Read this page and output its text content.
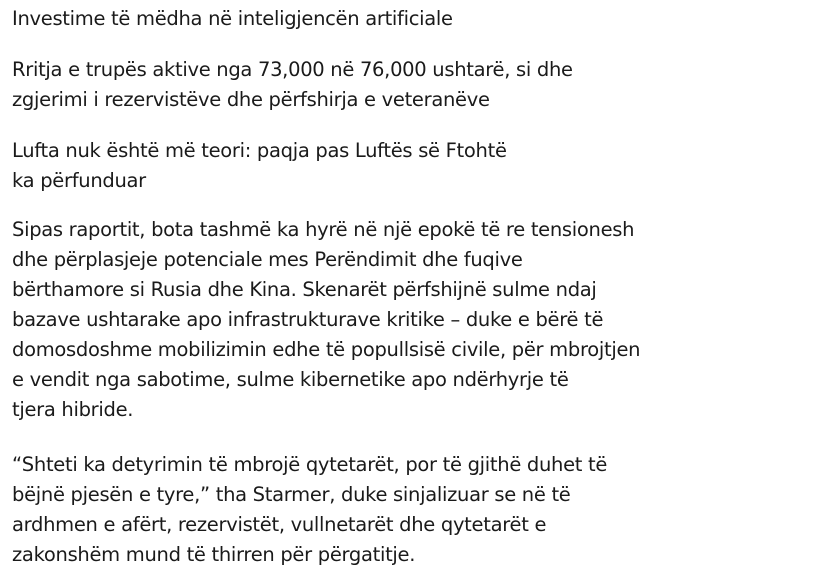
Investime të mëdha në inteligjencën artificiale

Rritja e trupës aktive nga 73,000 në 76,000 ushtarë, si dhe
zgjerimi i rezervistëve dhe përfshirja e veteranëve

Lufta nuk është më teori: paqja pas Luftës së Ftohtë
ka përfunduar

Sipas raportit, bota tashmë ka hyrë në një epokë të re tensionesh
dhe përplasjeje potenciale mes Perëndimit dhe fuqive
bërthamore si Rusia dhe Kina. Skenarët përfshijnë sulme ndaj
bazave ushtarake apo infrastrukturave kritike – duke e bërë të
domosdoshme mobilizimin edhe të popullsisë civile, për mbrojtjen
e vendit nga sabotime, sulme kibernetike apo ndërhyrje të
tjera hibride.

“Shteti ka detyrimin të mbrojë qytetarët, por të gjithë duhet të
bëjnë pjesën e tyre,” tha Starmer, duke sinjalizuar se në të
ardhmen e afërt, rezervistët, vullnetarët dhe qytetarët e
zakonshëm mund të thirren për përgatitje.
